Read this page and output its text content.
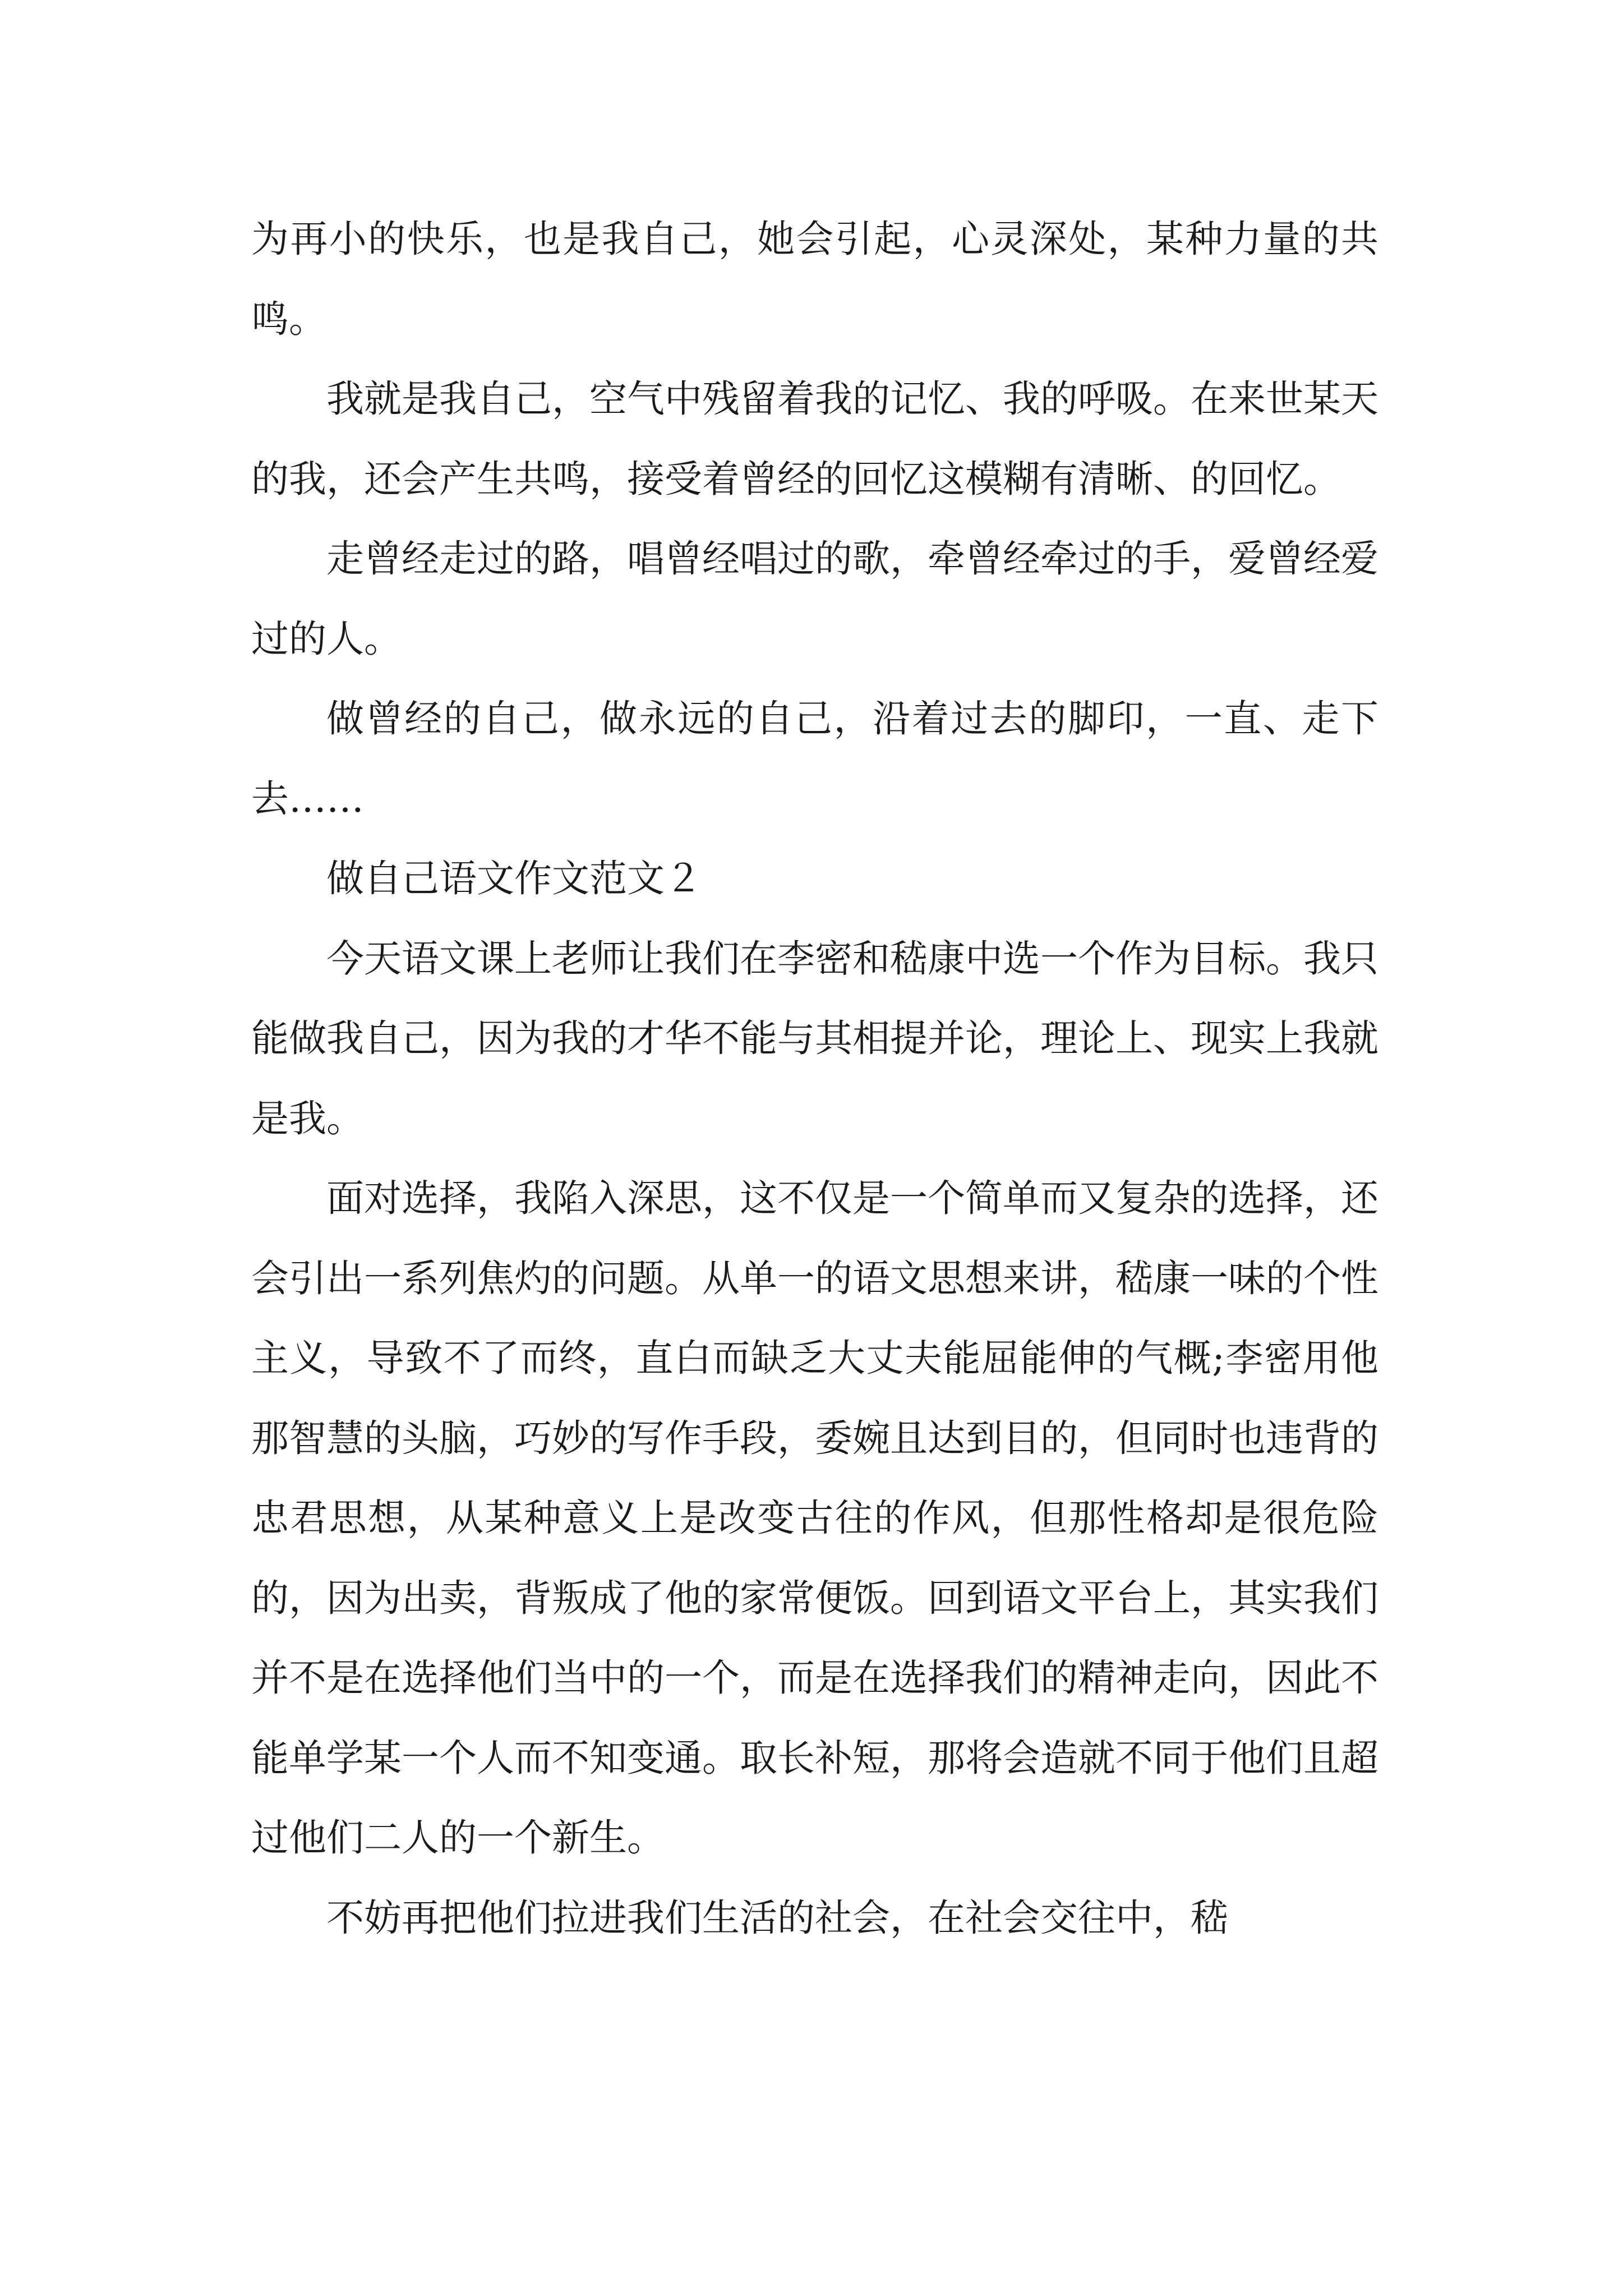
为再小的快乐，也是我自己，她会引起，心灵深处，某种力量的共鸣。

我就是我自己，空气中残留着我的记忆、我的呼吸。在来世某天的我，还会产生共鸣，接受着曾经的回忆这模糊有清晰、的回忆。

走曾经走过的路，唱曾经唱过的歌，牵曾经牵过的手，爱曾经爱过的人。

做曾经的自己，做永远的自己，沿着过去的脚印，一直、走下去……

做自己语文作文范文２

今天语文课上老师让我们在李密和嵇康中选一个作为目标。我只能做我自己，因为我的才华不能与其相提并论，理论上、现实上我就是我。

面对选择，我陷入深思，这不仅是一个简单而又复杂的选择，还会引出一系列焦灼的问题。从单一的语文思想来讲，嵇康一味的个性主义，导致不了而终，直白而缺乏大丈夫能屈能伸的气概;李密用他那智慧的头脑，巧妙的写作手段，委婉且达到目的，但同时也违背的忠君思想，从某种意义上是改变古往的作风，但那性格却是很危险的，因为出卖，背叛成了他的家常便饭。回到语文平台上，其实我们并不是在选择他们当中的一个，而是在选择我们的精神走向，因此不能单学某一个人而不知变通。取长补短，那将会造就不同于他们且超过他们二人的一个新生。

不妨再把他们拉进我们生活的社会，在社会交往中，嵇
